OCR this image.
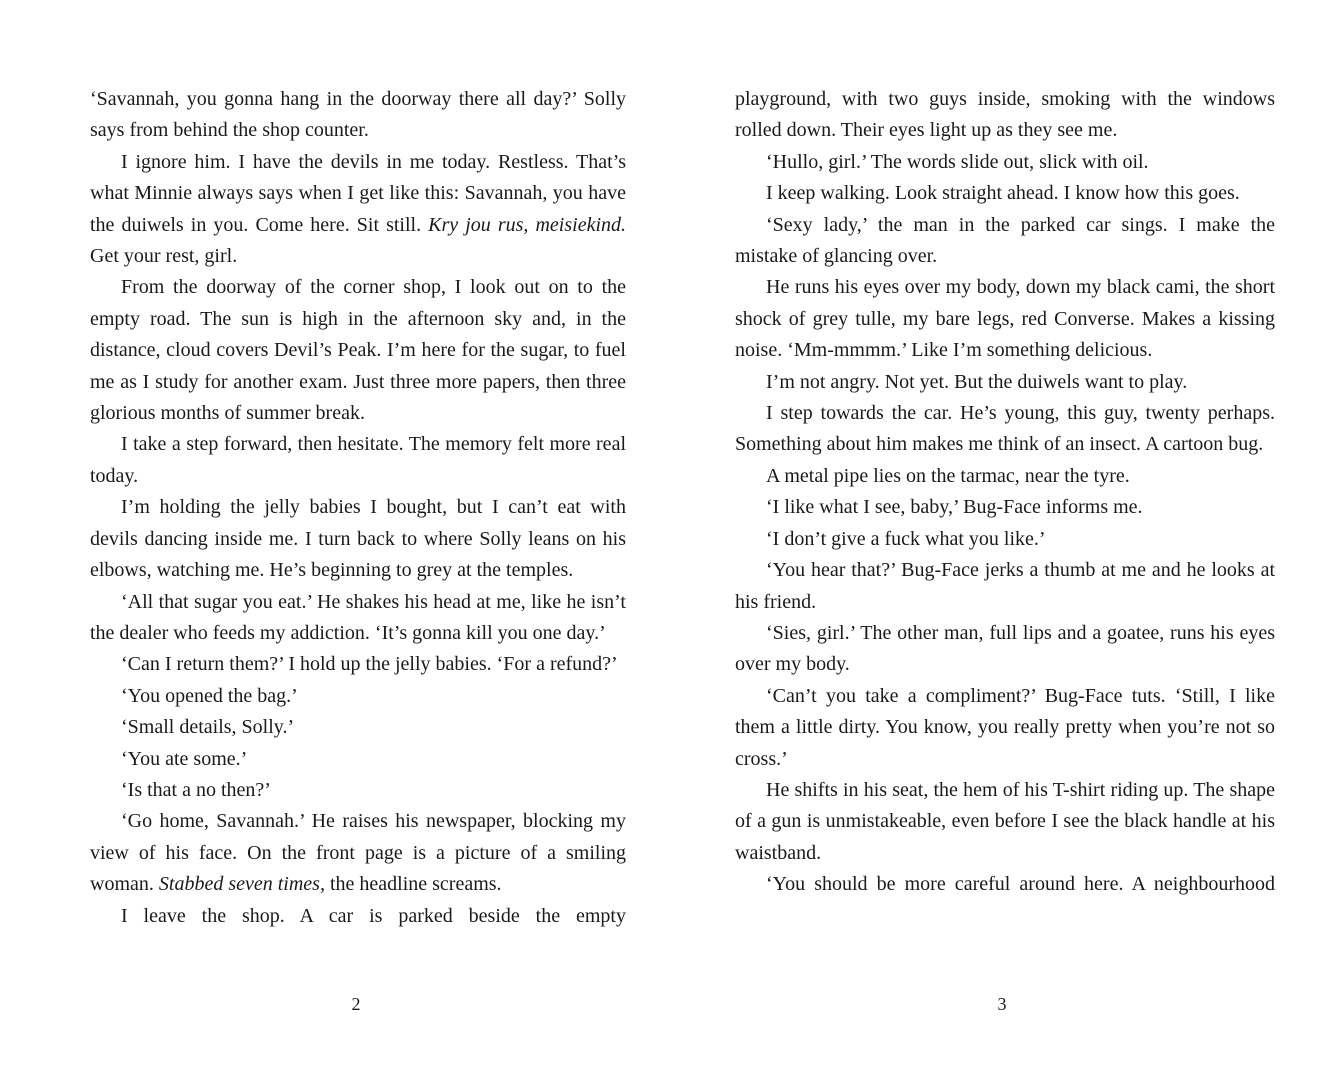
‘Savannah, you gonna hang in the doorway there all day?’ Solly says from behind the shop counter.

I ignore him. I have the devils in me today. Restless. That’s what Minnie always says when I get like this: Savannah, you have the duiwels in you. Come here. Sit still. Kry jou rus, meisiekind. Get your rest, girl.

From the doorway of the corner shop, I look out on to the empty road. The sun is high in the afternoon sky and, in the distance, cloud covers Devil’s Peak. I’m here for the sugar, to fuel me as I study for another exam. Just three more papers, then three glorious months of summer break.

I take a step forward, then hesitate. The memory felt more real today.

I’m holding the jelly babies I bought, but I can’t eat with devils dancing inside me. I turn back to where Solly leans on his elbows, watching me. He’s beginning to grey at the temples.

‘All that sugar you eat.’ He shakes his head at me, like he isn’t the dealer who feeds my addiction. ‘It’s gonna kill you one day.’

‘Can I return them?’ I hold up the jelly babies. ‘For a refund?’

‘You opened the bag.’

‘Small details, Solly.’

‘You ate some.’

‘Is that a no then?’

‘Go home, Savannah.’ He raises his newspaper, blocking my view of his face. On the front page is a picture of a smiling woman. Stabbed seven times, the headline screams.

I leave the shop. A car is parked beside the empty

2

playground, with two guys inside, smoking with the windows rolled down. Their eyes light up as they see me.

‘Hullo, girl.’ The words slide out, slick with oil.

I keep walking. Look straight ahead. I know how this goes.

‘Sexy lady,’ the man in the parked car sings. I make the mistake of glancing over.

He runs his eyes over my body, down my black cami, the short shock of grey tulle, my bare legs, red Converse. Makes a kissing noise. ‘Mm-mmmm.’ Like I’m something delicious.

I’m not angry. Not yet. But the duiwels want to play.

I step towards the car. He’s young, this guy, twenty perhaps. Something about him makes me think of an insect. A cartoon bug.

A metal pipe lies on the tarmac, near the tyre.

‘I like what I see, baby,’ Bug-Face informs me.

‘I don’t give a fuck what you like.’

‘You hear that?’ Bug-Face jerks a thumb at me and he looks at his friend.

‘Sies, girl.’ The other man, full lips and a goatee, runs his eyes over my body.

‘Can’t you take a compliment?’ Bug-Face tuts. ‘Still, I like them a little dirty. You know, you really pretty when you’re not so cross.’

He shifts in his seat, the hem of his T-shirt riding up. The shape of a gun is unmistakeable, even before I see the black handle at his waistband.

‘You should be more careful around here. A neighbourhood

3
